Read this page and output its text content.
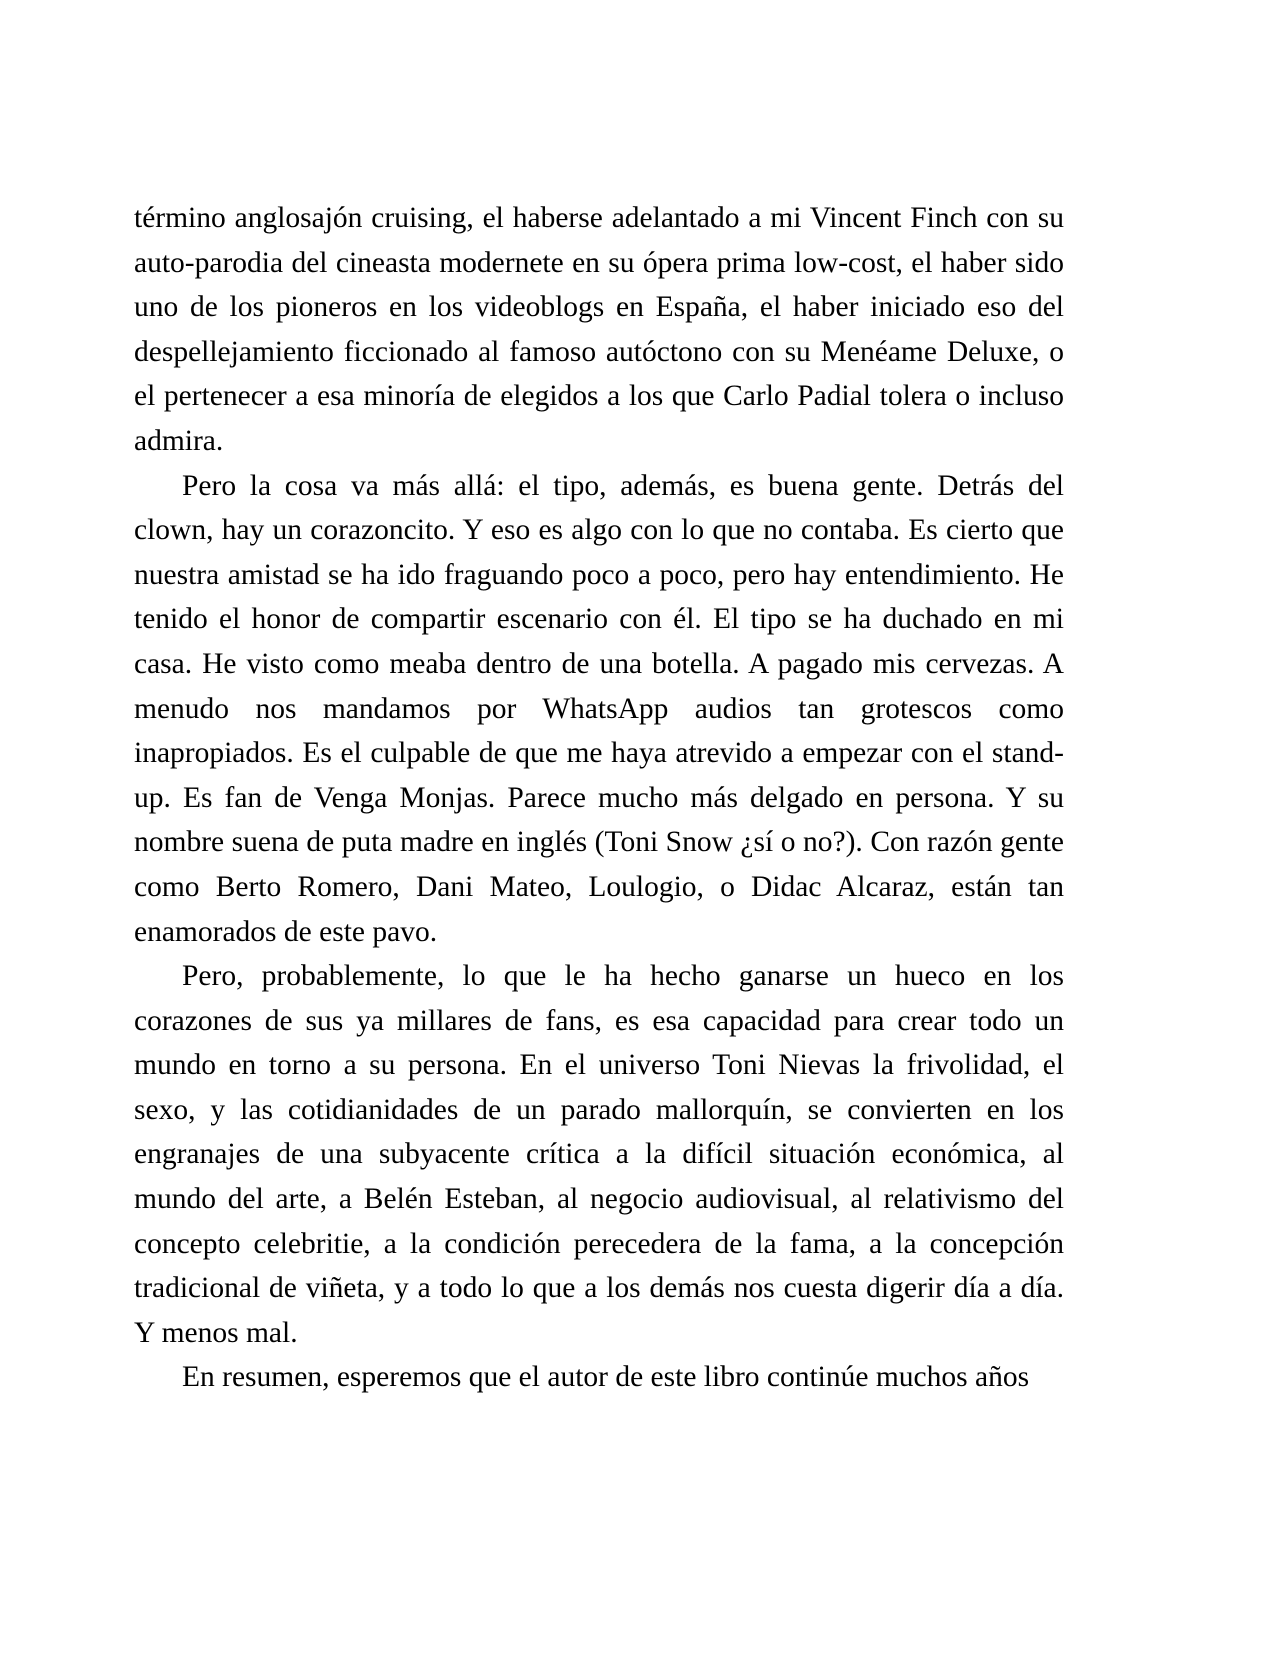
término anglosajón cruising, el haberse adelantado a mi Vincent Finch con su auto-parodia del cineasta modernete en su ópera prima low-cost, el haber sido uno de los pioneros en los videoblogs en España, el haber iniciado eso del despellejamiento ficcionado al famoso autóctono con su Menéame Deluxe, o el pertenecer a esa minoría de elegidos a los que Carlo Padial tolera o incluso admira.

Pero la cosa va más allá: el tipo, además, es buena gente. Detrás del clown, hay un corazoncito. Y eso es algo con lo que no contaba. Es cierto que nuestra amistad se ha ido fraguando poco a poco, pero hay entendimiento. He tenido el honor de compartir escenario con él. El tipo se ha duchado en mi casa. He visto como meaba dentro de una botella. A pagado mis cervezas. A menudo nos mandamos por WhatsApp audios tan grotescos como inapropiados. Es el culpable de que me haya atrevido a empezar con el stand-up. Es fan de Venga Monjas. Parece mucho más delgado en persona. Y su nombre suena de puta madre en inglés (Toni Snow ¿sí o no?). Con razón gente como Berto Romero, Dani Mateo, Loulogio, o Didac Alcaraz, están tan enamorados de este pavo.

Pero, probablemente, lo que le ha hecho ganarse un hueco en los corazones de sus ya millares de fans, es esa capacidad para crear todo un mundo en torno a su persona. En el universo Toni Nievas la frivolidad, el sexo, y las cotidianidades de un parado mallorquín, se convierten en los engranajes de una subyacente crítica a la difícil situación económica, al mundo del arte, a Belén Esteban, al negocio audiovisual, al relativismo del concepto celebritie, a la condición perecedera de la fama, a la concepción tradicional de viñeta, y a todo lo que a los demás nos cuesta digerir día a día. Y menos mal.

En resumen, esperemos que el autor de este libro continúe muchos años
